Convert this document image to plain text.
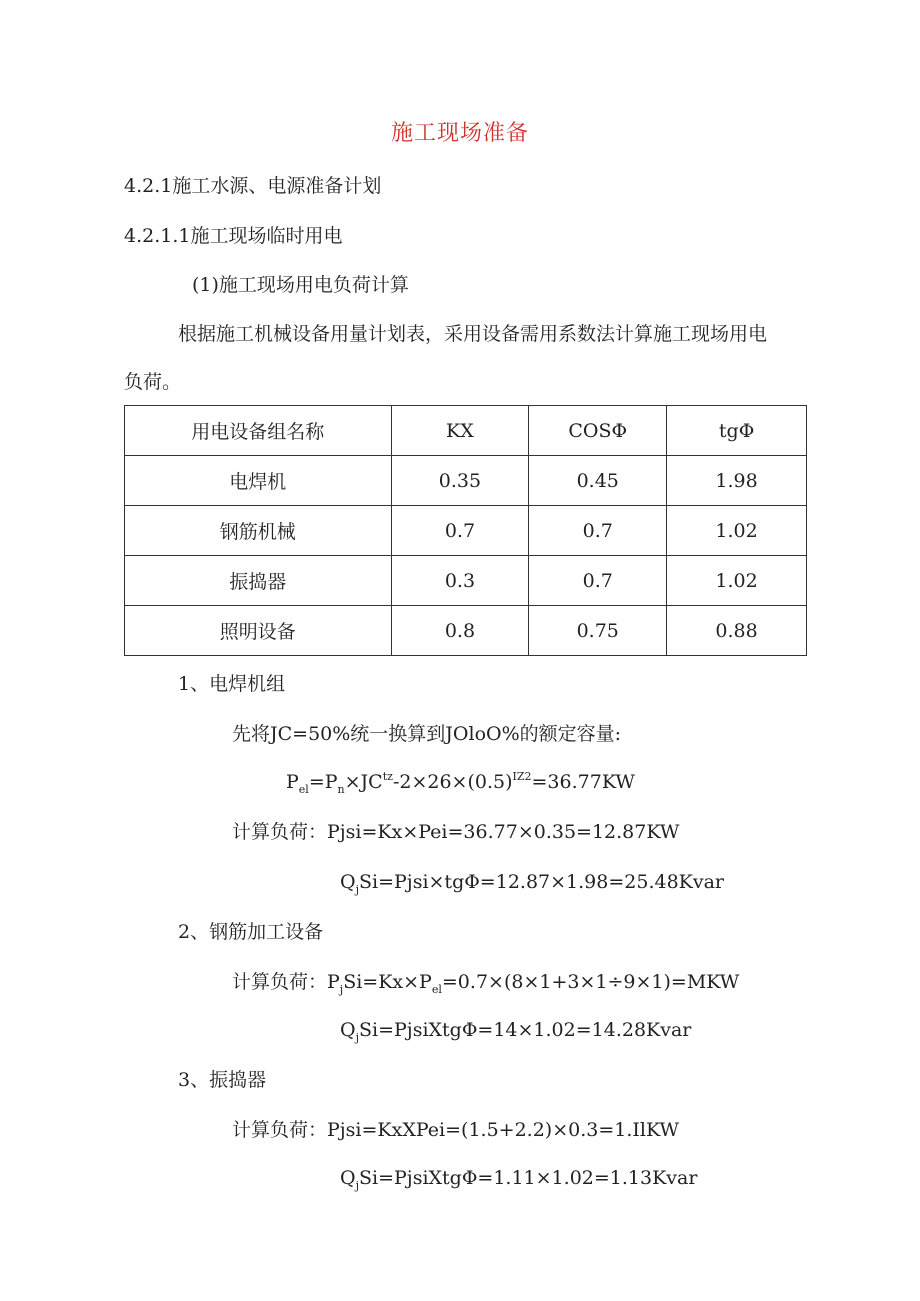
施工现场准备
4.2.1施工水源、电源准备计划
4.2.1.1施工现场临时用电
(1)施工现场用电负荷计算
根据施工机械设备用量计划表，采用设备需用系数法计算施工现场用电
负荷。
用电设备组名称	KX	COSΦ	tgΦ
电焊机	0.35	0.45	1.98
钢筋机械	0.7	0.7	1.02
振捣器	0.3	0.7	1.02
照明设备	0.8	0.75	0.88
1、电焊机组
先将JC=50%统一换算到JOloO%的额定容量:
$P_{el}=P_n\times JC^{tz}-2\times 26\times(0.5)^{IZ2}=36.77KW$
计算负荷：Pjsi=Kx×Pei=36.77×0.35=12.87KW
$Q_jSi=Pjsi\times tg\Phi=12.87\times 1.98=25.48Kvar$
2、钢筋加工设备
计算负荷：$P_jSi=Kx\times P_{el}=0.7\times(8\times 1+3\times 1\div 9\times 1)=MKW$
$Q_jSi=PjsiXtg\Phi=14\times 1.02=14.28Kvar$
3、振捣器
计算负荷：Pjsi=KxXPei=(1.5+2.2)×0.3=1.IlKW
$Q_jSi=PjsiXtg\Phi=1.11\times 1.02=1.13Kvar$
